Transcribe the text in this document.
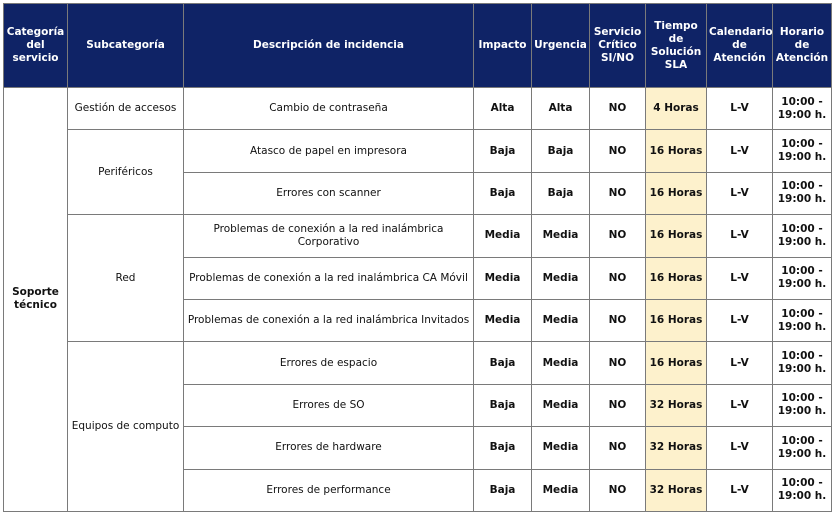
Categoría
del
servicio	Subcategoría	Descripción de incidencia	Impacto	Urgencia	Servicio
Crítico
SI/NO	Tiempo
de
Solución
SLA	Calendario
de
Atención	Horario
de
Atención
Soporte
técnico	Gestión de accesos	Cambio de contraseña	Alta	Alta	NO	4 Horas	L-V	10:00 -
19:00 h.
	Periféricos	Atasco de papel en impresora	Baja	Baja	NO	16 Horas	L-V	10:00 -
19:00 h.
		Errores con scanner	Baja	Baja	NO	16 Horas	L-V	10:00 -
19:00 h.
	Red	Problemas de conexión a la red inalámbrica Corporativo	Media	Media	NO	16 Horas	L-V	10:00 -
19:00 h.
		Problemas de conexión a la red inalámbrica CA Móvil	Media	Media	NO	16 Horas	L-V	10:00 -
19:00 h.
		Problemas de conexión a la red inalámbrica Invitados	Media	Media	NO	16 Horas	L-V	10:00 -
19:00 h.
	Equipos de computo	Errores de espacio	Baja	Media	NO	16 Horas	L-V	10:00 -
19:00 h.
		Errores de SO	Baja	Media	NO	32 Horas	L-V	10:00 -
19:00 h.
		Errores de hardware	Baja	Media	NO	32 Horas	L-V	10:00 -
19:00 h.
		Errores de performance	Baja	Media	NO	32 Horas	L-V	10:00 -
19:00 h.
